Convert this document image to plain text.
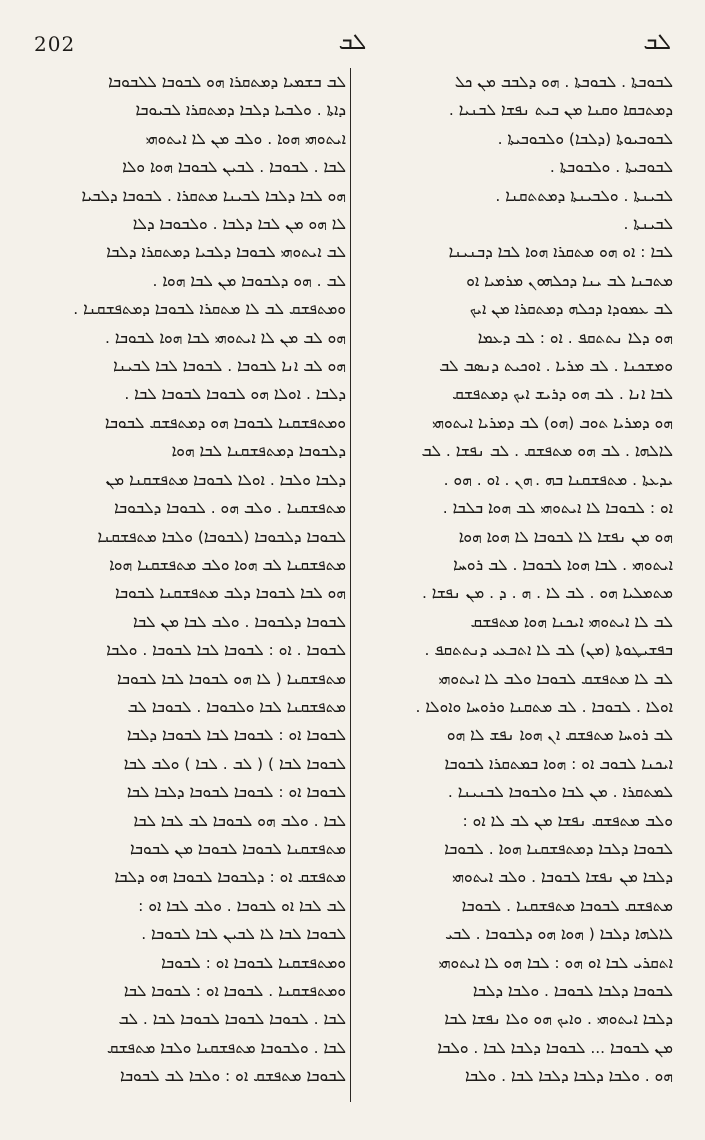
202	ܠܒ	ܠܒ
ܠܒܘܒܬܐ . ܠܒܘܒܬܐ . ܗܘ ܕܠܒܒ ܡܢ ܟܠ
ܕܡܬܒܩܐ ܘܩܢܐ ܡܢ ܒܝܬ ܢܦܫܐ ܠܒܢܝܐ .
ܠܒܘܒܝܘܬܐ (ܕܠܒܐ) ܘܠܒܘܒܝܬܐ .
ܠܒܘܒܝܬܐ . ܘܠܒܘܒܬܐ .
ܠܒܝܢܬܐ . ܘܠܒܝܢܬܐ ܕܡܬܬܩܢܐ .
ܠܒܝܢܬܐ .
ܠܒܐ : ܐܘ ܗܘ ܡܬܩܪܐ ܗܘܐ ܠܒܐ ܕܒܢܝܢܐ
ܡܬܒܢܐ ܠܒ ܝܢܐ ܕܟܠܗܘܢ ܡܪܡܝܐ ܐܘ
ܠܒ ܥܡܘܕܐ ܕܟܠܗ ܕܡܬܩܪܐ ܡܢ ܐܝܟ
ܗܘ ܕܠܐ ܢܬܬܩܦ . ܐܘ : ܠܒ ܕܥܡܐ
ܘܡܫܟܢܐ . ܠܒ ܡܪܝܐ . ܐܘܟܝܬ ܕܢܣܒ ܠܒ
ܠܒܐ ܐܢܐ . ܠܒ ܗܘ ܕܪܝܫ ܐܝܟ ܕܡܬܦܫܩ
ܗܘ ܕܡܪܝܐ ܬܘܒ (ܗܘ) ܠܒ ܕܡܪܝܐ ܐܝܬܘܗܝ
ܠܐܠܗܐ . ܠܒ ܗܘ ܡܬܦܫܩ . ܠܒ ܢܦܫܐ . ܠܒ
ܝܕܥܬܐ . ܡܬܦܫܩܢܐ ܒܗ . ܗܢ . ܐܘ . ܗܘ .
ܐܘ : ܠܒܘܒܐ ܠܐ ܐܝܬܘܗܝ ܠܒ ܗܘܐ ܒܠܒܐ .
ܗܘ ܡܢ ܢܦܫܐ ܠܐ ܠܒܘܒܐ ܠܐ ܗܘܐ ܗܘܐ
ܐܝܬܘܗܝ . ܠܒܐ ܗܘܐ ܠܒܘܒܐ . ܠܒ ܪܘܚܐ
ܡܬܡܠܝܐ ܗܘ . ܠܒ ܠܐ . ܗ . ܕ . ܡܢ ܢܦܫܐ .
ܠܒ ܠܐ ܐܝܬܘܗܝ ܐܝܟܢܐ ܗܘܐ ܡܬܦܫܩ
ܒܦܫܝܛܘܬܐ (ܡܢ) ܠܒ ܠܐ ܐܬܒܥܝ ܕܢܬܬܩܦ .
ܠܒ ܠܐ ܡܬܦܫܩ ܠܒܘܒܐ ܘܠܒ ܠܐ ܐܝܬܘܗܝ
ܐܘܠܐ . ܠܒܘܒܐ . ܠܒ ܡܬܩܢܐ ܘܪܘܚܐ ܘܐܘܠܐ .
ܠܒ ܪܘܚܐ ܡܬܦܫܩ ܐܢ ܗܘܐ ܢܦܫ ܠܐ ܗܘ
ܐܝܟܢܐ ܠܒܘܒ ܐܘ : ܗܘܐ ܒܡܬܩܪܐ ܠܒܘܒܐ
ܠܡܬܩܪܐ . ܡܢ ܠܒܐ ܘܠܒܘܒܐ ܠܒܢܝܢܐ .
ܘܠܒ ܡܬܦܫܩ ܢܦܫܐ ܡܢ ܠܒ ܠܐ ܐܘ :
ܠܒܘܒܐ ܕܠܒܐ ܕܡܬܦܫܩܢܐ ܗܘܐ . ܠܒܘܒܐ
ܕܠܒܐ ܡܢ ܢܦܫܐ ܠܒܘܒܐ . ܘܠܒ ܐܝܬܘܗܝ
ܡܬܦܫܩ ܠܒܘܒܐ ܡܬܦܫܩܢܐ . ܠܒܘܒܐ
ܠܐܠܗܐ ܕܠܒܐ ( ܗܘܐ ܗܘ ܕܠܒܘܒܐ . ܠܒܝ
ܐܬܩܪܝ ܠܒܐ ܐܘ ܗܘ : ܠܒܐ ܗܘ ܠܐ ܐܝܬܘܗܝ
ܠܒܘܒܐ ܕܠܒܐ ܠܒܘܒܐ . ܘܠܒܐ ܕܠܒܐ
ܕܠܒܐ ܐܝܬܘܗܝ . ܘܐܝܟ ܗܘ ܘܠܐ ܢܦܫܐ ܠܒܐ
ܡܢ ܠܒܘܒܐ ... ܠܒܘܒܐ ܕܠܒܐ ܠܒܐ . ܘܠܒܐ
ܗܘ . ܘܠܒܐ ܕܠܒܐ ܕܠܒܐ ܠܒܐ . ܘܠܒܐ
ܠܒ ܒܫܡܝܐ ܕܡܬܩܪܐ ܗܘ ܠܒܘܒܐ ܠܠܒܘܒܐ
ܕܐܬܐ . ܘܠܒܝܐ ܕܠܒܐ ܕܡܬܩܪܐ ܠܒܝܘܒܐ
ܐܝܬܘܗܝ ܗܘܐ . ܘܠܒ ܡܢ ܠܐ ܐܝܬܘܗܝ
ܠܒܐ . ܠܒܘܒܐ . ܠܒܝܢ ܠܒܘܒܐ ܗܘܐ ܘܠܐ
ܗܘ ܠܒܐ ܕܠܒܐ ܠܒܝܢܐ ܡܬܩܪܐ . ܠܒܘܒܐ ܕܠܒܝܐ
ܠܐ ܗܘ ܡܢ ܠܒܐ ܕܠܒܐ . ܘܠܒܘܒܐ ܕܠܐ
ܠܒ ܐܝܬܘܗܝ ܠܒܘܒܐ ܕܠܒܝܐ ܕܡܬܩܪܐ ܕܠܒܐ
ܠܒ . ܗܘ ܕܠܒܘܒܐ ܡܢ ܠܒܐ ܗܘܐ .
ܘܡܬܦܫܩ ܠܒ ܠܐ ܡܬܩܪܐ ܠܒܘܒܐ ܕܡܬܦܫܩܢܐ .
ܗܘ ܠܒ ܡܢ ܠܐ ܐܝܬܘܗܝ ܠܒܐ ܗܘܐ ܠܒܘܒܐ .
ܗܘ ܠܒ ܐܢܐ ܠܒܘܒܐ . ܠܒܘܒܐ ܠܒܐ ܠܒܝܢܐ
ܕܠܒܐ . ܐܘܠܐ ܗܘ ܠܒܘܒܐ ܠܒܘܒܐ ܠܒܐ .
ܘܡܬܦܫܩܢܐ ܠܒܘܒܐ ܗܘ ܕܡܬܦܫܩ ܠܒܘܒܐ
ܕܠܒܘܒܐ ܕܡܬܦܫܩܢܐ ܠܒܐ ܗܘܐ
ܕܠܒܐ ܘܠܒܐ . ܐܘܠܐ ܠܒܘܒܐ ܡܬܦܫܩܢܐ ܡܢ
ܡܬܦܫܩܢܐ . ܘܠܒ ܗܘ . ܠܒܘܒܐ ܕܠܒܘܒܐ
ܠܒܘܒܐ ܕܠܒܘܒܐ (ܠܒܘܒܐ) ܘܠܒܐ ܡܬܦܫܩܢܐ
ܡܬܦܫܩܢܐ ܠܒ ܗܘܐ ܘܠܒ ܡܬܦܫܩܢܐ ܗܘܐ
ܗܘ ܠܒܐ ܠܒܘܒܐ ܕܠܒ ܡܬܦܫܩܢܐ ܠܒܘܒܐ
ܠܒܘܒܐ ܕܠܒܘܒܐ . ܘܠܒ ܠܒܐ ܡܢ ܠܒܐ
ܠܒܘܒܐ . ܐܘ : ܠܒܘܒܐ ܠܒܐ ܠܒܘܒܐ . ܘܠܒܐ
ܡܬܦܫܩܢܐ ( ܠܐ ܗܘ ܠܒܘܒܐ ܠܒܐ ܠܒܘܒܐ
ܡܬܦܫܩܢܐ ܠܒܐ ܘܠܒܘܒܐ . ܠܒܘܒܐ ܠܒ
ܠܒܘܒܐ ܐܘ : ܠܒܘܒܐ ܠܒܐ ܠܒܘܒܐ ܕܠܒܐ
ܠܒܘܒܐ ܠܒܐ ) ( ܠܒ . ܠܒܐ ) ܘܠܒ ܠܒܐ
ܠܒܘܒܐ ܐܘ : ܠܒܘܒܐ ܠܒܘܒܐ ܕܠܒܐ ܠܒܐ
ܠܒܐ . ܘܠܒ ܗܘ ܠܒܘܒܐ ܠܒ ܠܒܐ ܠܒܐ
ܡܬܦܫܩܢܐ ܠܒܘܒܐ ܠܒܘܒܐ ܡܢ ܠܒܘܒܐ
ܡܬܦܫܩ ܐܘ : ܕܠܒܘܒܐ ܠܒܘܒܐ ܗܘ ܕܠܒܐ
ܠܒ ܠܒܐ ܐܘ ܠܒܘܒܐ . ܘܠܒ ܠܒܐ ܐܘ :
ܠܒܘܒܐ ܠܒܐ ܠܐ ܠܒܝܢ ܠܒܐ ܠܒܘܒܐ .
ܘܡܬܦܫܩܢܐ ܠܒܘܒܐ ܐܘ : ܠܒܘܒܐ
ܘܡܬܦܫܩܢܐ . ܠܒܘܒܐ ܐܘ : ܠܒܘܒܐ ܠܒܐ
ܠܒܐ . ܠܒܘܒܐ ܠܒܘܒܐ ܠܒܘܒܐ ܠܒܐ . ܠܒ
ܠܒܐ . ܘܠܒܘܒܐ ܡܬܦܫܩܢܐ ܘܠܒܐ ܡܬܦܫܩ
ܠܒܘܒܐ ܡܬܦܫܩ ܐܘ : ܘܠܒܐ ܠܒ ܠܒܘܒܐ
